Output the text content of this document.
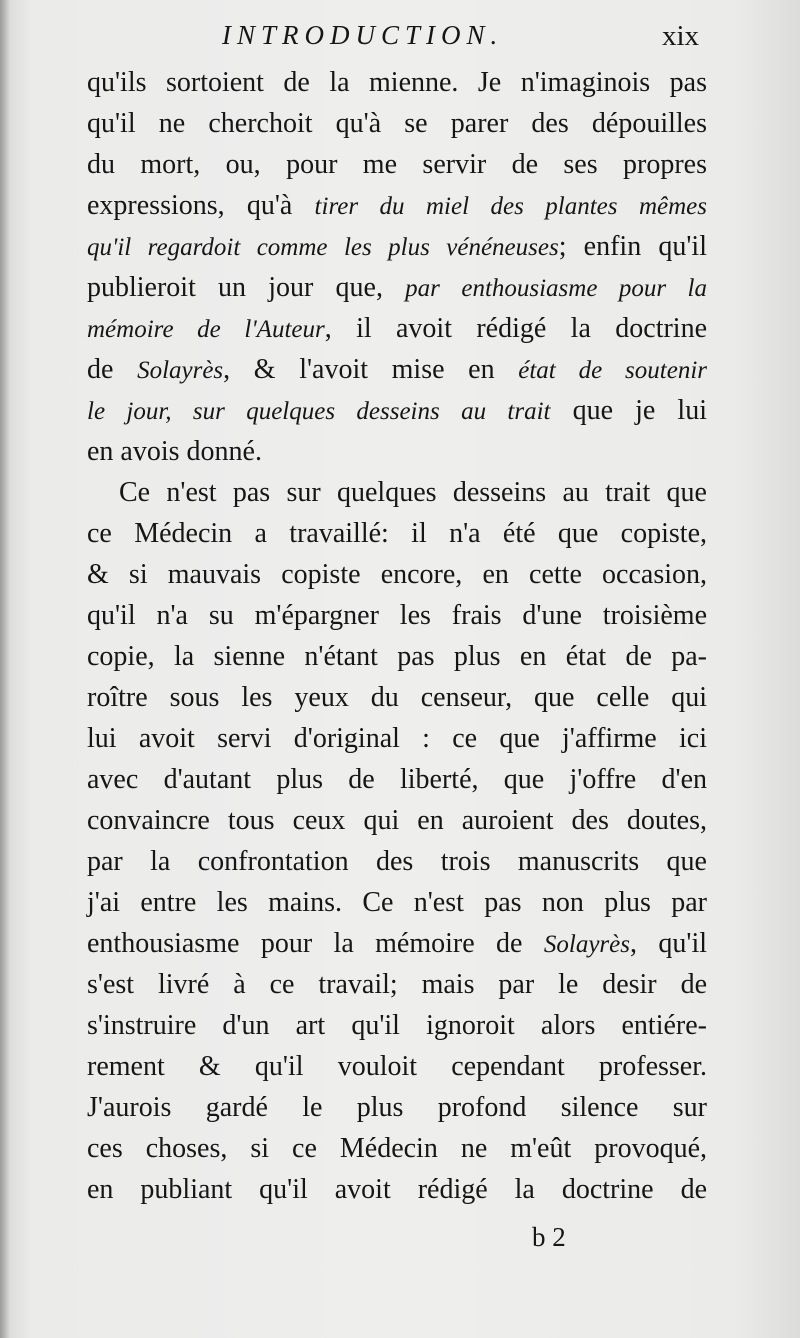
INTRODUCTION.	xix
qu'ils sortoient de la mienne. Je n'imaginois pas
qu'il ne cherchoit qu'à se parer des dépouilles
du mort, ou, pour me servir de ses propres
expressions, qu'à tirer du miel des plantes mêmes
qu'il regardoit comme les plus vénéneuses; enfin qu'il
publieroit un jour que, par enthousiasme pour la
mémoire de l'Auteur, il avoit rédigé la doctrine
de Solayrès, & l'avoit mise en état de soutenir
le jour, sur quelques desseins au trait que je lui
en avois donné.
Ce n'est pas sur quelques desseins au trait que
ce Médecin a travaillé: il n'a été que copiste,
& si mauvais copiste encore, en cette occasion,
qu'il n'a su m'épargner les frais d'une troisième
copie, la sienne n'étant pas plus en état de pa-
roître sous les yeux du censeur, que celle qui
lui avoit servi d'original : ce que j'affirme ici
avec d'autant plus de liberté, que j'offre d'en
convaincre tous ceux qui en auroient des doutes,
par la confrontation des trois manuscrits que
j'ai entre les mains. Ce n'est pas non plus par
enthousiasme pour la mémoire de Solayrès, qu'il
s'est livré à ce travail; mais par le desir de
s'instruire d'un art qu'il ignoroit alors entiére-
rement & qu'il vouloit cependant professer.
J'aurois gardé le plus profond silence sur
ces choses, si ce Médecin ne m'eût provoqué,
en publiant qu'il avoit rédigé la doctrine de
b 2
